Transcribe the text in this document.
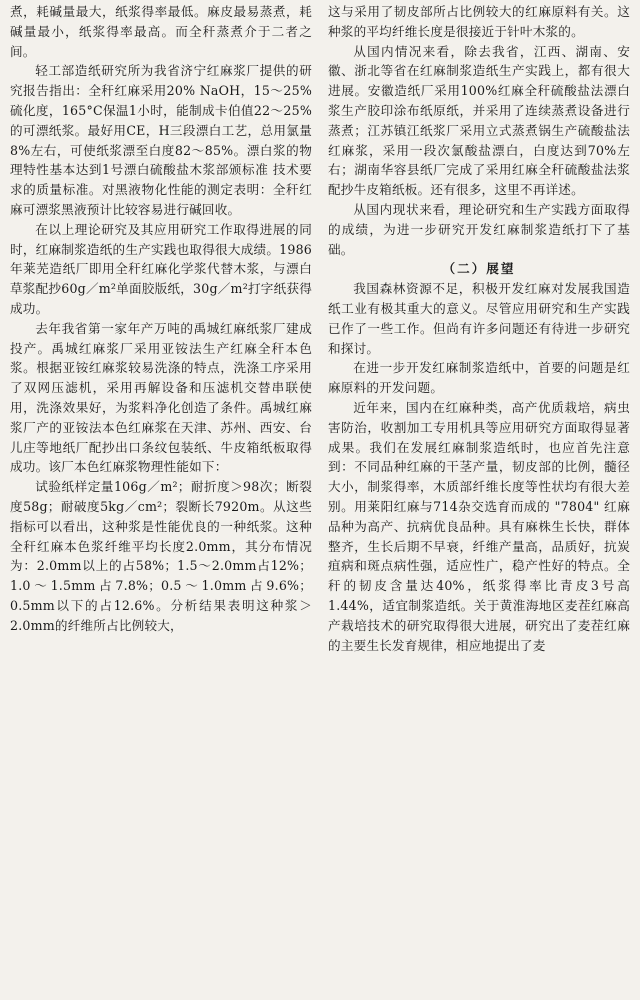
煮，耗碱量最大，纸浆得率最低。麻皮最易蒸煮，耗碱量最小，纸浆得率最高。而全秆蒸煮介于二者之间。

轻工部造纸研究所为我省济宁红麻浆厂提供的研究报告指出：全秆红麻采用20% NaOH，15～25%硫化度，165°C保温1小时，能制成卡伯值22～25%的可漂纸浆。最好用CE，H三段漂白工艺，总用氯量8%左右，可使纸浆漂至白度82～85%。漂白浆的物理特性基本达到1号漂白硫酸盐木浆部颁标准 技术要求的质量标准。对黑液物化性能的测定表明：全秆红麻可漂浆黑液预计比较容易进行碱回收。

在以上理论研究及其应用研究工作取得进展的同时，红麻制浆造纸的生产实践也取得很大成绩。1986年莱芜造纸厂即用全秆红麻化学浆代替木浆，与漂白草浆配抄60g／m²单面胶版纸，30g／m²打字纸获得成功。

去年我省第一家年产万吨的禹城红麻纸浆厂建成投产。禹城红麻浆厂采用亚铵法生产红麻全秆本色浆。根据亚铵红麻浆较易洗涤的特点，洗涤工序采用了双网压滤机，采用再解设备和压滤机交替串联使用，洗涤效果好，为浆料净化创造了条件。禹城红麻浆厂产的亚铵法本色红麻浆在天津、苏州、西安、台儿庄等地纸厂配抄出口条纹包装纸、牛皮箱纸板取得成功。该厂本色红麻浆物理性能如下：

试验纸样定量106g／m²；耐折度＞98次；断裂度58g；耐破度5kg／cm²；裂断长7920m。从这些指标可以看出，这种浆是性能优良的一种纸浆。这种全秆红麻本色浆纤维平均长度2.0mm，其分布情况为：2.0mm以上的占58%；1.5～2.0mm占12%；1.0～1.5mm占7.8%；0.5～1.0mm占9.6%；0.5mm以下的占12.6%。分析结果表明这种浆＞2.0mm的纤维所占比例较大，

这与采用了韧皮部所占比例较大的红麻原料有关。这种浆的平均纤维长度是很接近于针叶木浆的。

从国内情况来看，除去我省，江西、湖南、安徽、浙北等省在红麻制浆造纸生产实践上，都有很大进展。安徽造纸厂采用100%红麻全秆硫酸盐法漂白浆生产胶印涂布纸原纸，并采用了连续蒸煮设备进行蒸煮；江苏镇江纸浆厂采用立式蒸煮锅生产硫酸盐法红麻浆，采用一段次氯酸盐漂白，白度达到70%左右；湖南华容县纸厂完成了采用红麻全秆硫酸盐法浆配抄牛皮箱纸板。还有很多，这里不再详述。

从国内现状来看，理论研究和生产实践方面取得的成绩，为进一步研究开发红麻制浆造纸打下了基础。

（二）展望

我国森林资源不足，积极开发红麻对发展我国造纸工业有极其重大的意义。尽管应用研究和生产实践已作了一些工作。但尚有许多问题还有待进一步研究和探讨。

在进一步开发红麻制浆造纸中，首要的问题是红麻原料的开发问题。

近年来，国内在红麻种类，高产优质栽培，病虫害防治，收割加工专用机具等应用研究方面取得显著成果。我们在发展红麻制浆造纸时，也应首先注意到：不同品种红麻的干茎产量，韧皮部的比例，髓径大小，制浆得率，木质部纤维长度等性状均有很大差别。用莱阳红麻与714杂交选育而成的 "7804" 红麻品种为高产、抗病优良品种。具有麻株生长快，群体整齐，生长后期不早衰，纤维产量高，品质好，抗炭疽病和斑点病性强，适应性广，稳产性好的特点。全秆的韧皮含量达40%，纸浆得率比青皮3号高1.44%，适宜制浆造纸。关于黄淮海地区麦茬红麻高产栽培技术的研究取得很大进展，研究出了麦茬红麻的主要生长发育规律，相应地提出了麦
